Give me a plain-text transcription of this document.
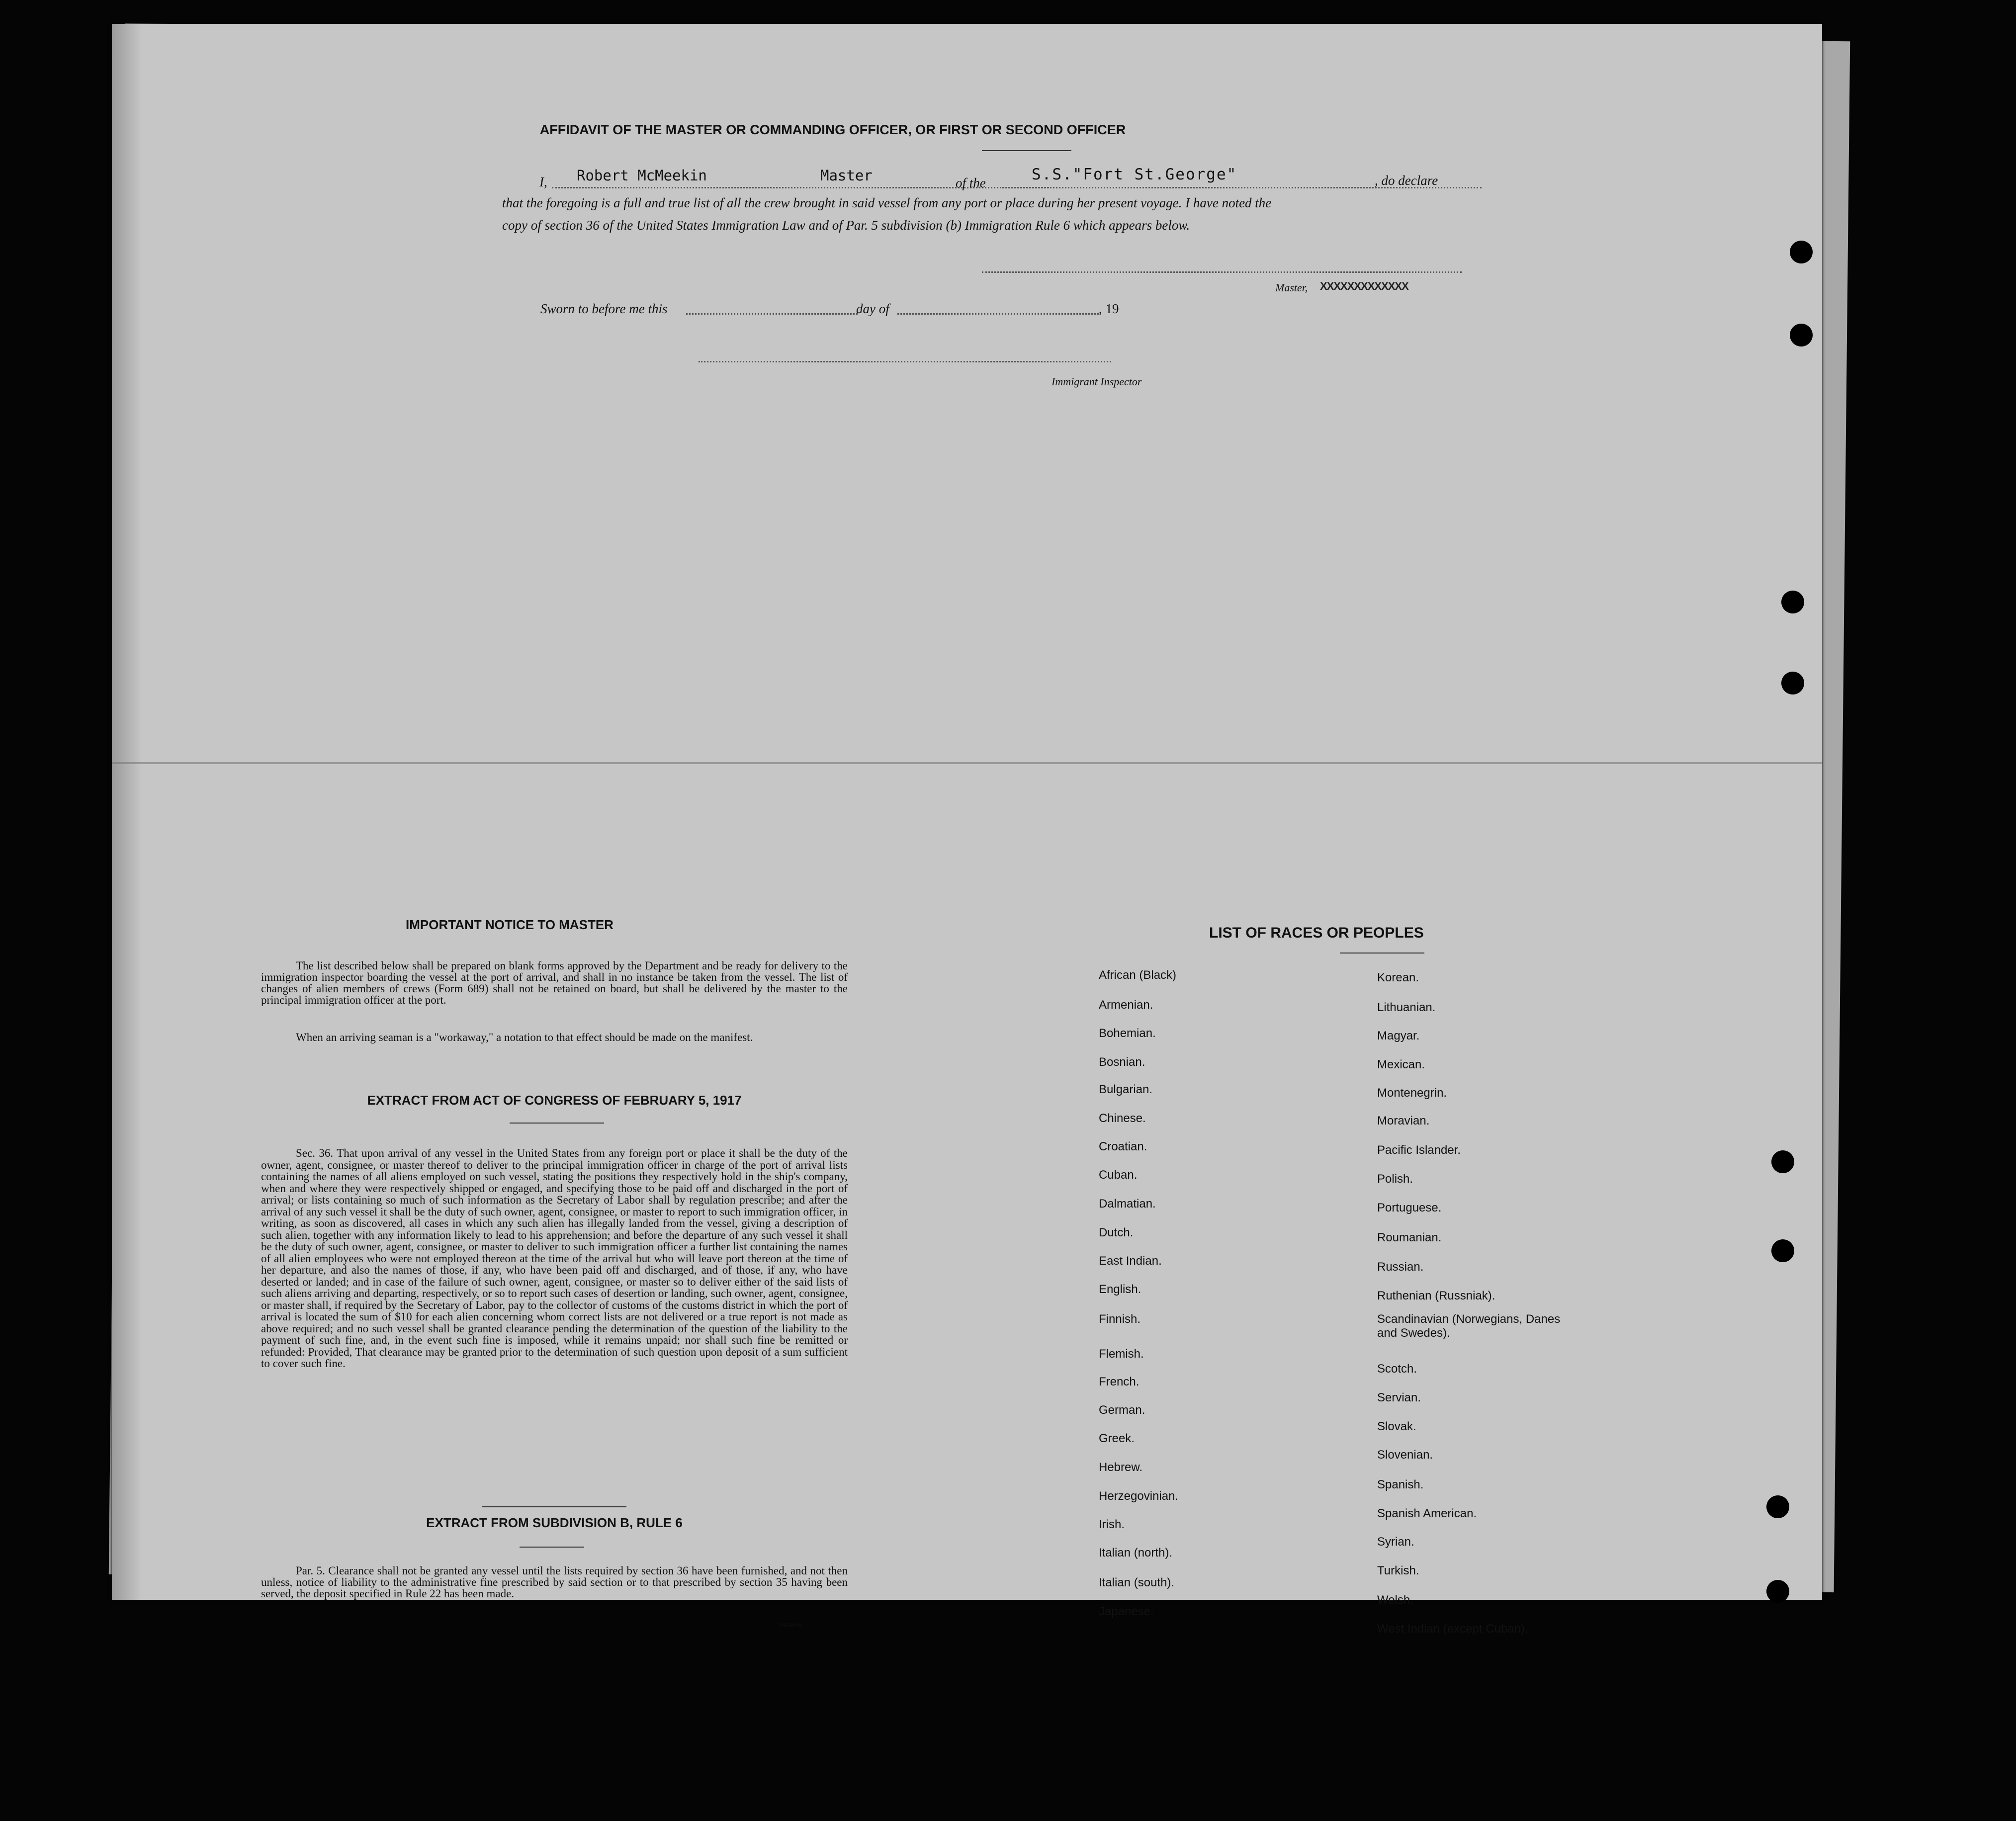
AFFIDAVIT OF THE MASTER OR COMMANDING OFFICER, OR FIRST OR SECOND OFFICER
I, Robert McMeekin	Master	of the	S.S."Fort St.George"	, do declare
that the foregoing is a full and true list of all the crew brought in said vessel from any port or place during her present voyage. I have noted the
copy of section 36 of the United States Immigration Law and of Par. 5 subdivision (b) Immigration Rule 6 which appears below.
Master, XXXXXXXXXXXXX
Sworn to before me this	day of	, 19
Immigrant Inspector
IMPORTANT NOTICE TO MASTER
The list described below shall be prepared on blank forms approved by the Department and be ready for delivery to the immigration inspector boarding the vessel at the port of arrival, and shall in no instance be taken from the vessel. The list of changes of alien members of crews (Form 689) shall not be retained on board, but shall be delivered by the master to the principal immigration officer at the port.
When an arriving seaman is a "workaway," a notation to that effect should be made on the manifest.
EXTRACT FROM ACT OF CONGRESS OF FEBRUARY 5, 1917
Sec. 36. That upon arrival of any vessel in the United States from any foreign port or place it shall be the duty of the owner, agent, consignee, or master thereof to deliver to the principal immigration officer in charge of the port of arrival lists containing the names of all aliens employed on such vessel, stating the positions they respectively hold in the ship's company, when and where they were respectively shipped or engaged, and specifying those to be paid off and discharged in the port of arrival; or lists containing so much of such information as the Secretary of Labor shall by regulation prescribe; and after the arrival of any such vessel it shall be the duty of such owner, agent, consignee, or master to report to such immigration officer, in writing, as soon as discovered, all cases in which any such alien has illegally landed from the vessel, giving a description of such alien, together with any information likely to lead to his apprehension; and before the departure of any such vessel it shall be the duty of such owner, agent, consignee, or master to deliver to such immigration officer a further list containing the names of all alien employees who were not employed thereon at the time of the arrival but who will leave port thereon at the time of her departure, and also the names of those, if any, who have been paid off and discharged, and of those, if any, who have deserted or landed; and in case of the failure of such owner, agent, consignee, or master so to deliver either of the said lists of such aliens arriving and departing, respectively, or so to report such cases of desertion or landing, such owner, agent, consignee, or master shall, if required by the Secretary of Labor, pay to the collector of customs of the customs district in which the port of arrival is located the sum of $10 for each alien concerning whom correct lists are not delivered or a true report is not made as above required; and no such vessel shall be granted clearance pending the determination of the question of the liability to the payment of such fine, and, in the event such fine is imposed, while it remains unpaid; nor shall such fine be remitted or refunded: Provided, That clearance may be granted prior to the determination of such question upon deposit of a sum sufficient to cover such fine.
EXTRACT FROM SUBDIVISION B, RULE 6
Par. 5. Clearance shall not be granted any vessel until the lists required by section 36 have been furnished, and not then unless, notice of liability to the administrative fine prescribed by said section or to that prescribed by section 35 having been served, the deposit specified in Rule 22 has been made.
14-1846
LIST OF RACES OR PEOPLES
African (Black)
Armenian.
Bohemian.
Bosnian.
Bulgarian.
Chinese.
Croatian.
Cuban.
Dalmatian.
Dutch.
East Indian.
English.
Finnish.
Flemish.
French.
German.
Greek.
Hebrew.
Herzegovinian.
Irish.
Italian (north).
Italian (south).
Japanese.
Korean.
Lithuanian.
Magyar.
Mexican.
Montenegrin.
Moravian.
Pacific Islander.
Polish.
Portuguese.
Roumanian.
Russian.
Ruthenian (Russniak).
Scandinavian (Norwegians, Danes and Swedes).
Scotch.
Servian.
Slovak.
Slovenian.
Spanish.
Spanish American.
Syrian.
Turkish.
Welsh.
West Indian (except Cuban).
